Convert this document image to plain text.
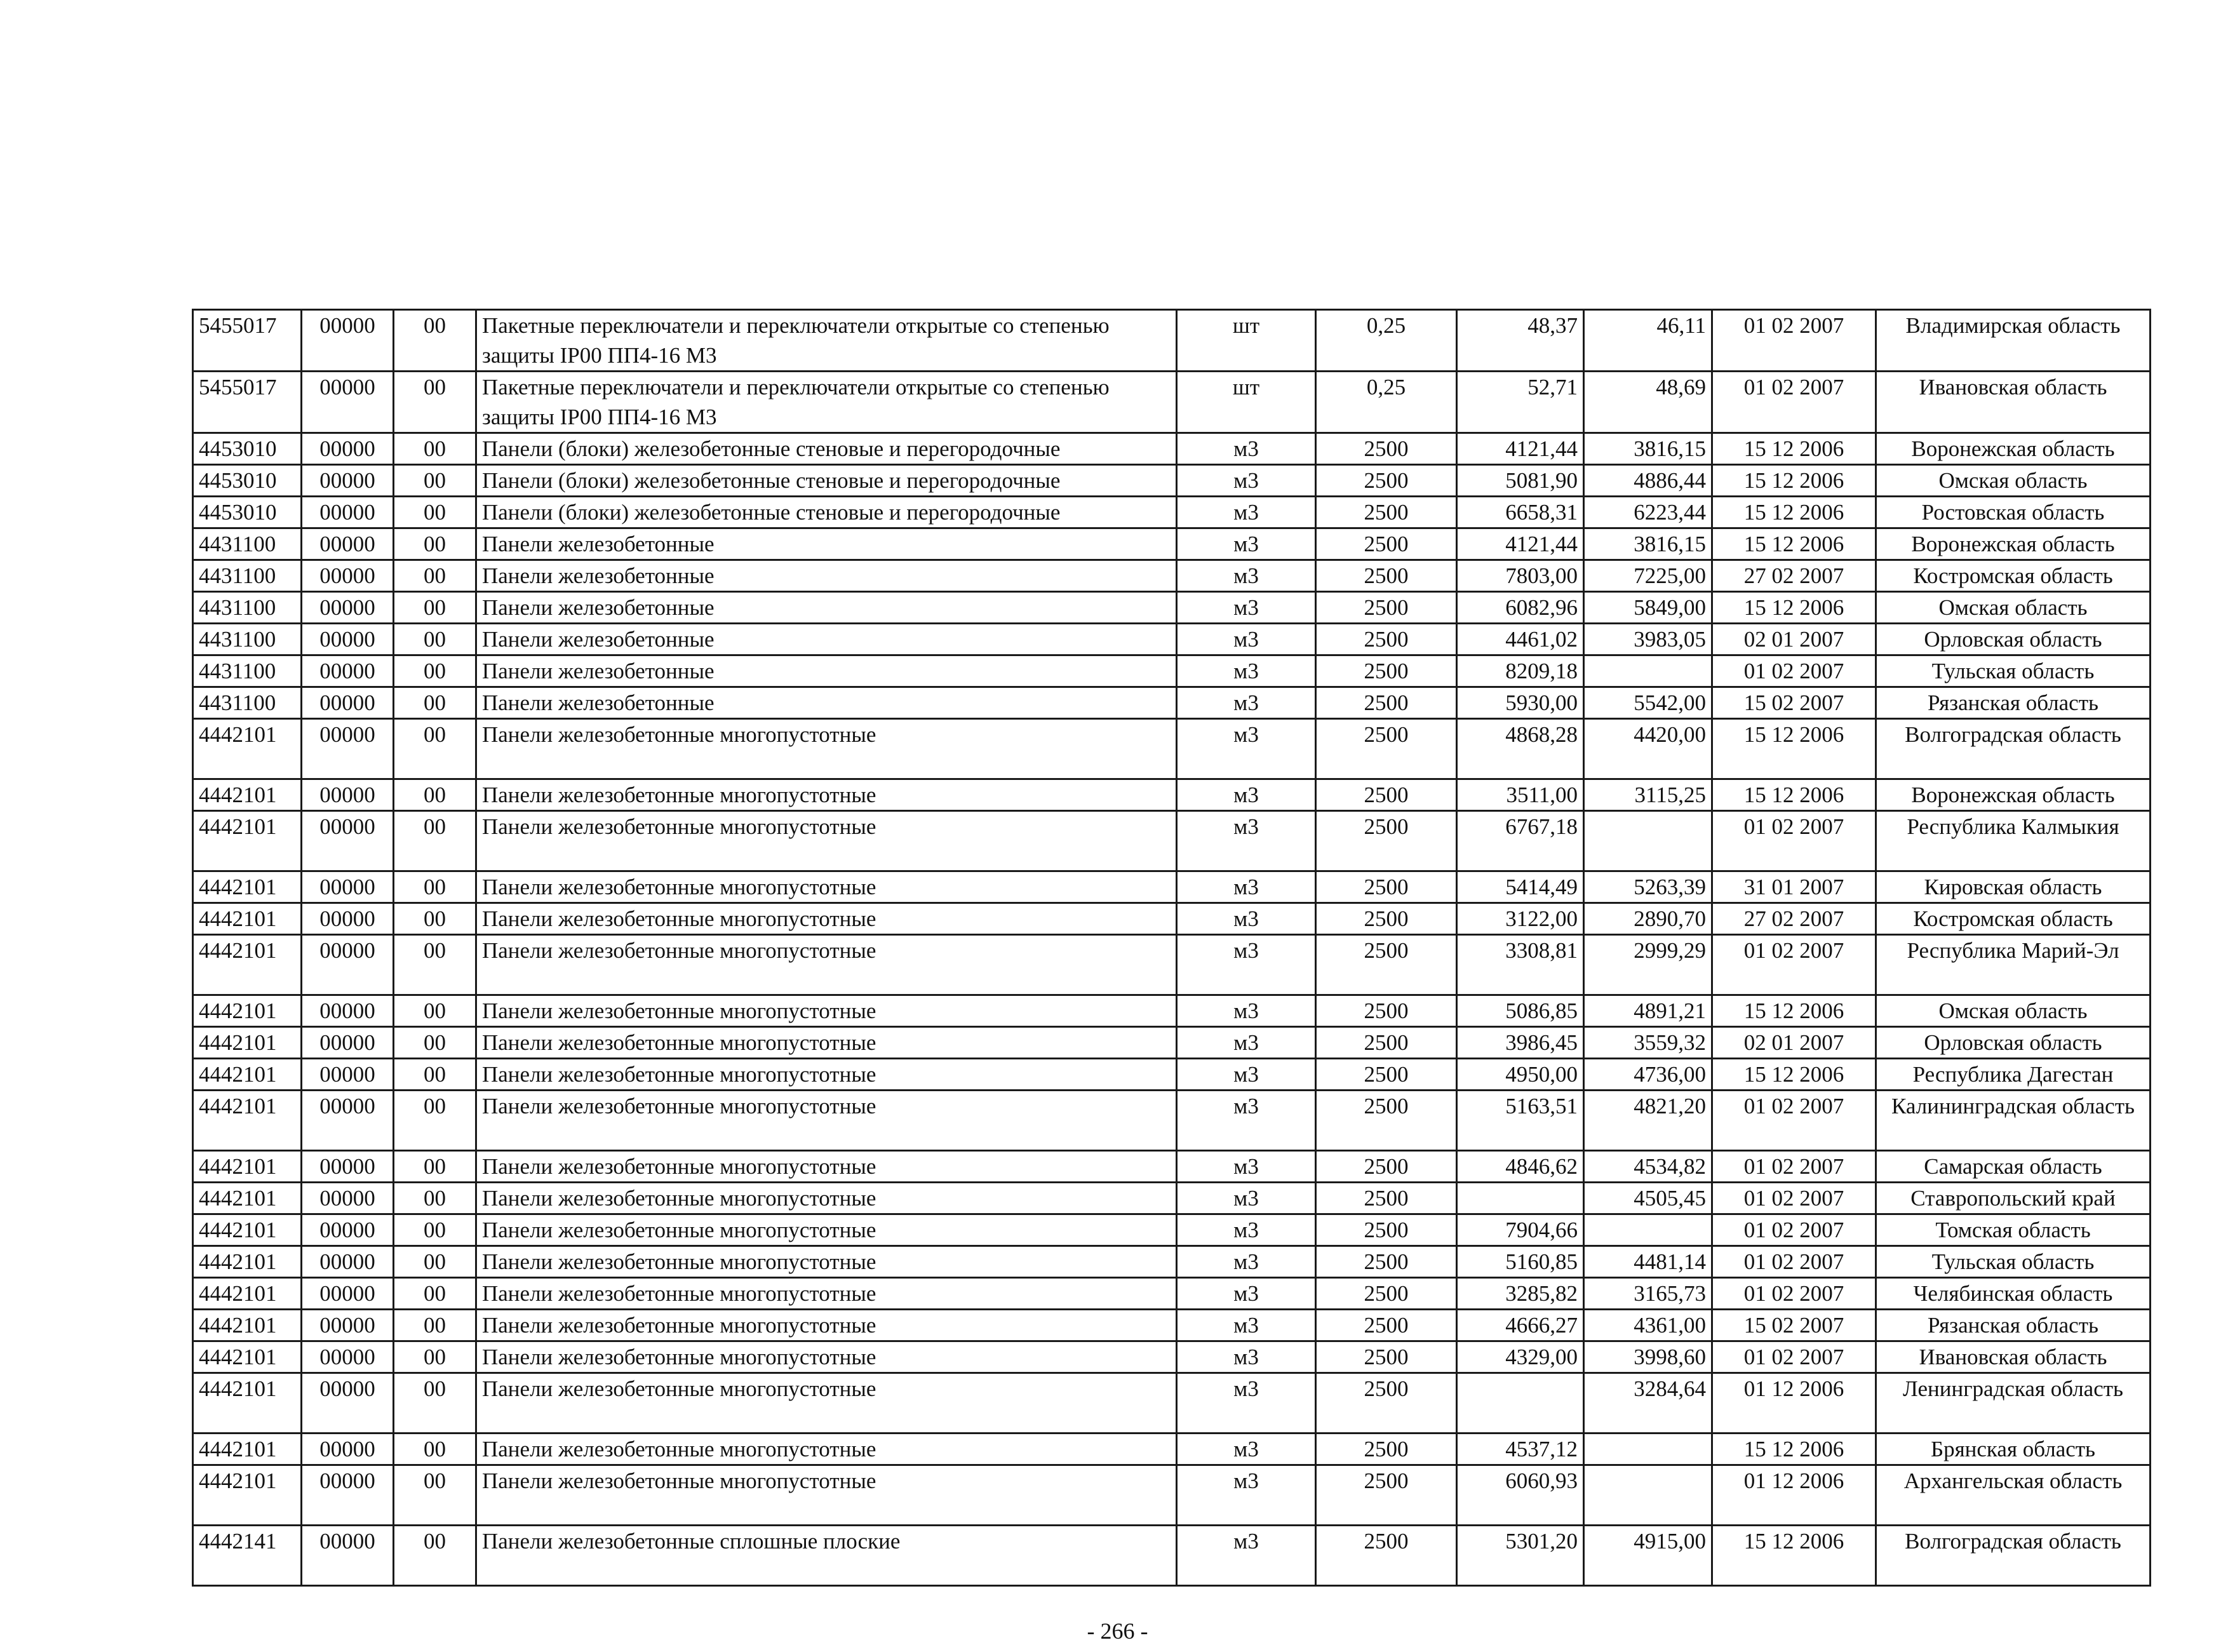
5455017	00000	00	Пакетные переключатели и переключатели открытые со степенью защиты IP00 ПП4-16 М3	шт	0,25	48,37	46,11	01 02 2007	Владимирская область
5455017	00000	00	Пакетные переключатели и переключатели открытые со степенью защиты IP00 ПП4-16 М3	шт	0,25	52,71	48,69	01 02 2007	Ивановская область
4453010	00000	00	Панели (блоки) железобетонные стеновые и перегородочные	м3	2500	4121,44	3816,15	15 12 2006	Воронежская область
4453010	00000	00	Панели (блоки) железобетонные стеновые и перегородочные	м3	2500	5081,90	4886,44	15 12 2006	Омская область
4453010	00000	00	Панели (блоки) железобетонные стеновые и перегородочные	м3	2500	6658,31	6223,44	15 12 2006	Ростовская область
4431100	00000	00	Панели железобетонные	м3	2500	4121,44	3816,15	15 12 2006	Воронежская область
4431100	00000	00	Панели железобетонные	м3	2500	7803,00	7225,00	27 02 2007	Костромская область
4431100	00000	00	Панели железобетонные	м3	2500	6082,96	5849,00	15 12 2006	Омская область
4431100	00000	00	Панели железобетонные	м3	2500	4461,02	3983,05	02 01 2007	Орловская область
4431100	00000	00	Панели железобетонные	м3	2500	8209,18		01 02 2007	Тульская область
4431100	00000	00	Панели железобетонные	м3	2500	5930,00	5542,00	15 02 2007	Рязанская область
4442101	00000	00	Панели железобетонные многопустотные	м3	2500	4868,28	4420,00	15 12 2006	Волгоградская область
4442101	00000	00	Панели железобетонные многопустотные	м3	2500	3511,00	3115,25	15 12 2006	Воронежская область
4442101	00000	00	Панели железобетонные многопустотные	м3	2500	6767,18		01 02 2007	Республика Калмыкия
4442101	00000	00	Панели железобетонные многопустотные	м3	2500	5414,49	5263,39	31 01 2007	Кировская область
4442101	00000	00	Панели железобетонные многопустотные	м3	2500	3122,00	2890,70	27 02 2007	Костромская область
4442101	00000	00	Панели железобетонные многопустотные	м3	2500	3308,81	2999,29	01 02 2007	Республика Марий-Эл
4442101	00000	00	Панели железобетонные многопустотные	м3	2500	5086,85	4891,21	15 12 2006	Омская область
4442101	00000	00	Панели железобетонные многопустотные	м3	2500	3986,45	3559,32	02 01 2007	Орловская область
4442101	00000	00	Панели железобетонные многопустотные	м3	2500	4950,00	4736,00	15 12 2006	Республика Дагестан
4442101	00000	00	Панели железобетонные многопустотные	м3	2500	5163,51	4821,20	01 02 2007	Калининградская область
4442101	00000	00	Панели железобетонные многопустотные	м3	2500	4846,62	4534,82	01 02 2007	Самарская область
4442101	00000	00	Панели железобетонные многопустотные	м3	2500		4505,45	01 02 2007	Ставропольский край
4442101	00000	00	Панели железобетонные многопустотные	м3	2500	7904,66		01 02 2007	Томская область
4442101	00000	00	Панели железобетонные многопустотные	м3	2500	5160,85	4481,14	01 02 2007	Тульская область
4442101	00000	00	Панели железобетонные многопустотные	м3	2500	3285,82	3165,73	01 02 2007	Челябинская область
4442101	00000	00	Панели железобетонные многопустотные	м3	2500	4666,27	4361,00	15 02 2007	Рязанская область
4442101	00000	00	Панели железобетонные многопустотные	м3	2500	4329,00	3998,60	01 02 2007	Ивановская область
4442101	00000	00	Панели железобетонные многопустотные	м3	2500		3284,64	01 12 2006	Ленинградская область
4442101	00000	00	Панели железобетонные многопустотные	м3	2500	4537,12		15 12 2006	Брянская область
4442101	00000	00	Панели железобетонные многопустотные	м3	2500	6060,93		01 12 2006	Архангельская область
4442141	00000	00	Панели железобетонные сплошные плоские	м3	2500	5301,20	4915,00	15 12 2006	Волгоградская область
- 266 -
